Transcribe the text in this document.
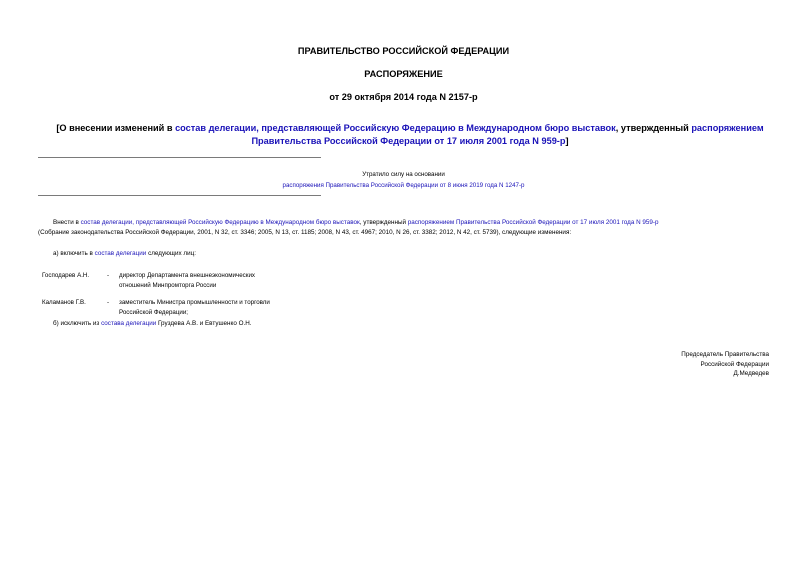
ПРАВИТЕЛЬСТВО РОССИЙСКОЙ ФЕДЕРАЦИИ
РАСПОРЯЖЕНИЕ
от 29 октября 2014 года N 2157-р
[О внесении изменений в состав делегации, представляющей Российскую Федерацию в Международном бюро выставок, утвержденный распоряжением
Правительства Российской Федерации от 17 июля 2001 года N 959-р]
Утратило силу на основании
распоряжения Правительства Российской Федерации от 8 июня 2019 года N 1247-р
Внести в состав делегации, представляющей Российскую Федерацию в Международном бюро выставок, утвержденный распоряжением Правительства Российской Федерации от 17 июля 2001 года N 959-р
(Собрание законодательства Российской Федерации, 2001, N 32, ст. 3346; 2005, N 13, ст. 1185; 2008, N 43, ст. 4967; 2010, N 26, ст. 3382; 2012, N 42, ст. 5739), следующие изменения:
а) включить в состав делегации следующих лиц:
Господарев А.Н.	- директор Департамента внешнеэкономических
отношений Минпромторга России
Каламанов Г.В.	- заместитель Министра промышленности и торговли
Российской Федерации;
б) исключить из состава делегации Груздева А.В. и Евтушенко О.Н.
Председатель Правительства
Российской Федерации
Д.Медведев
